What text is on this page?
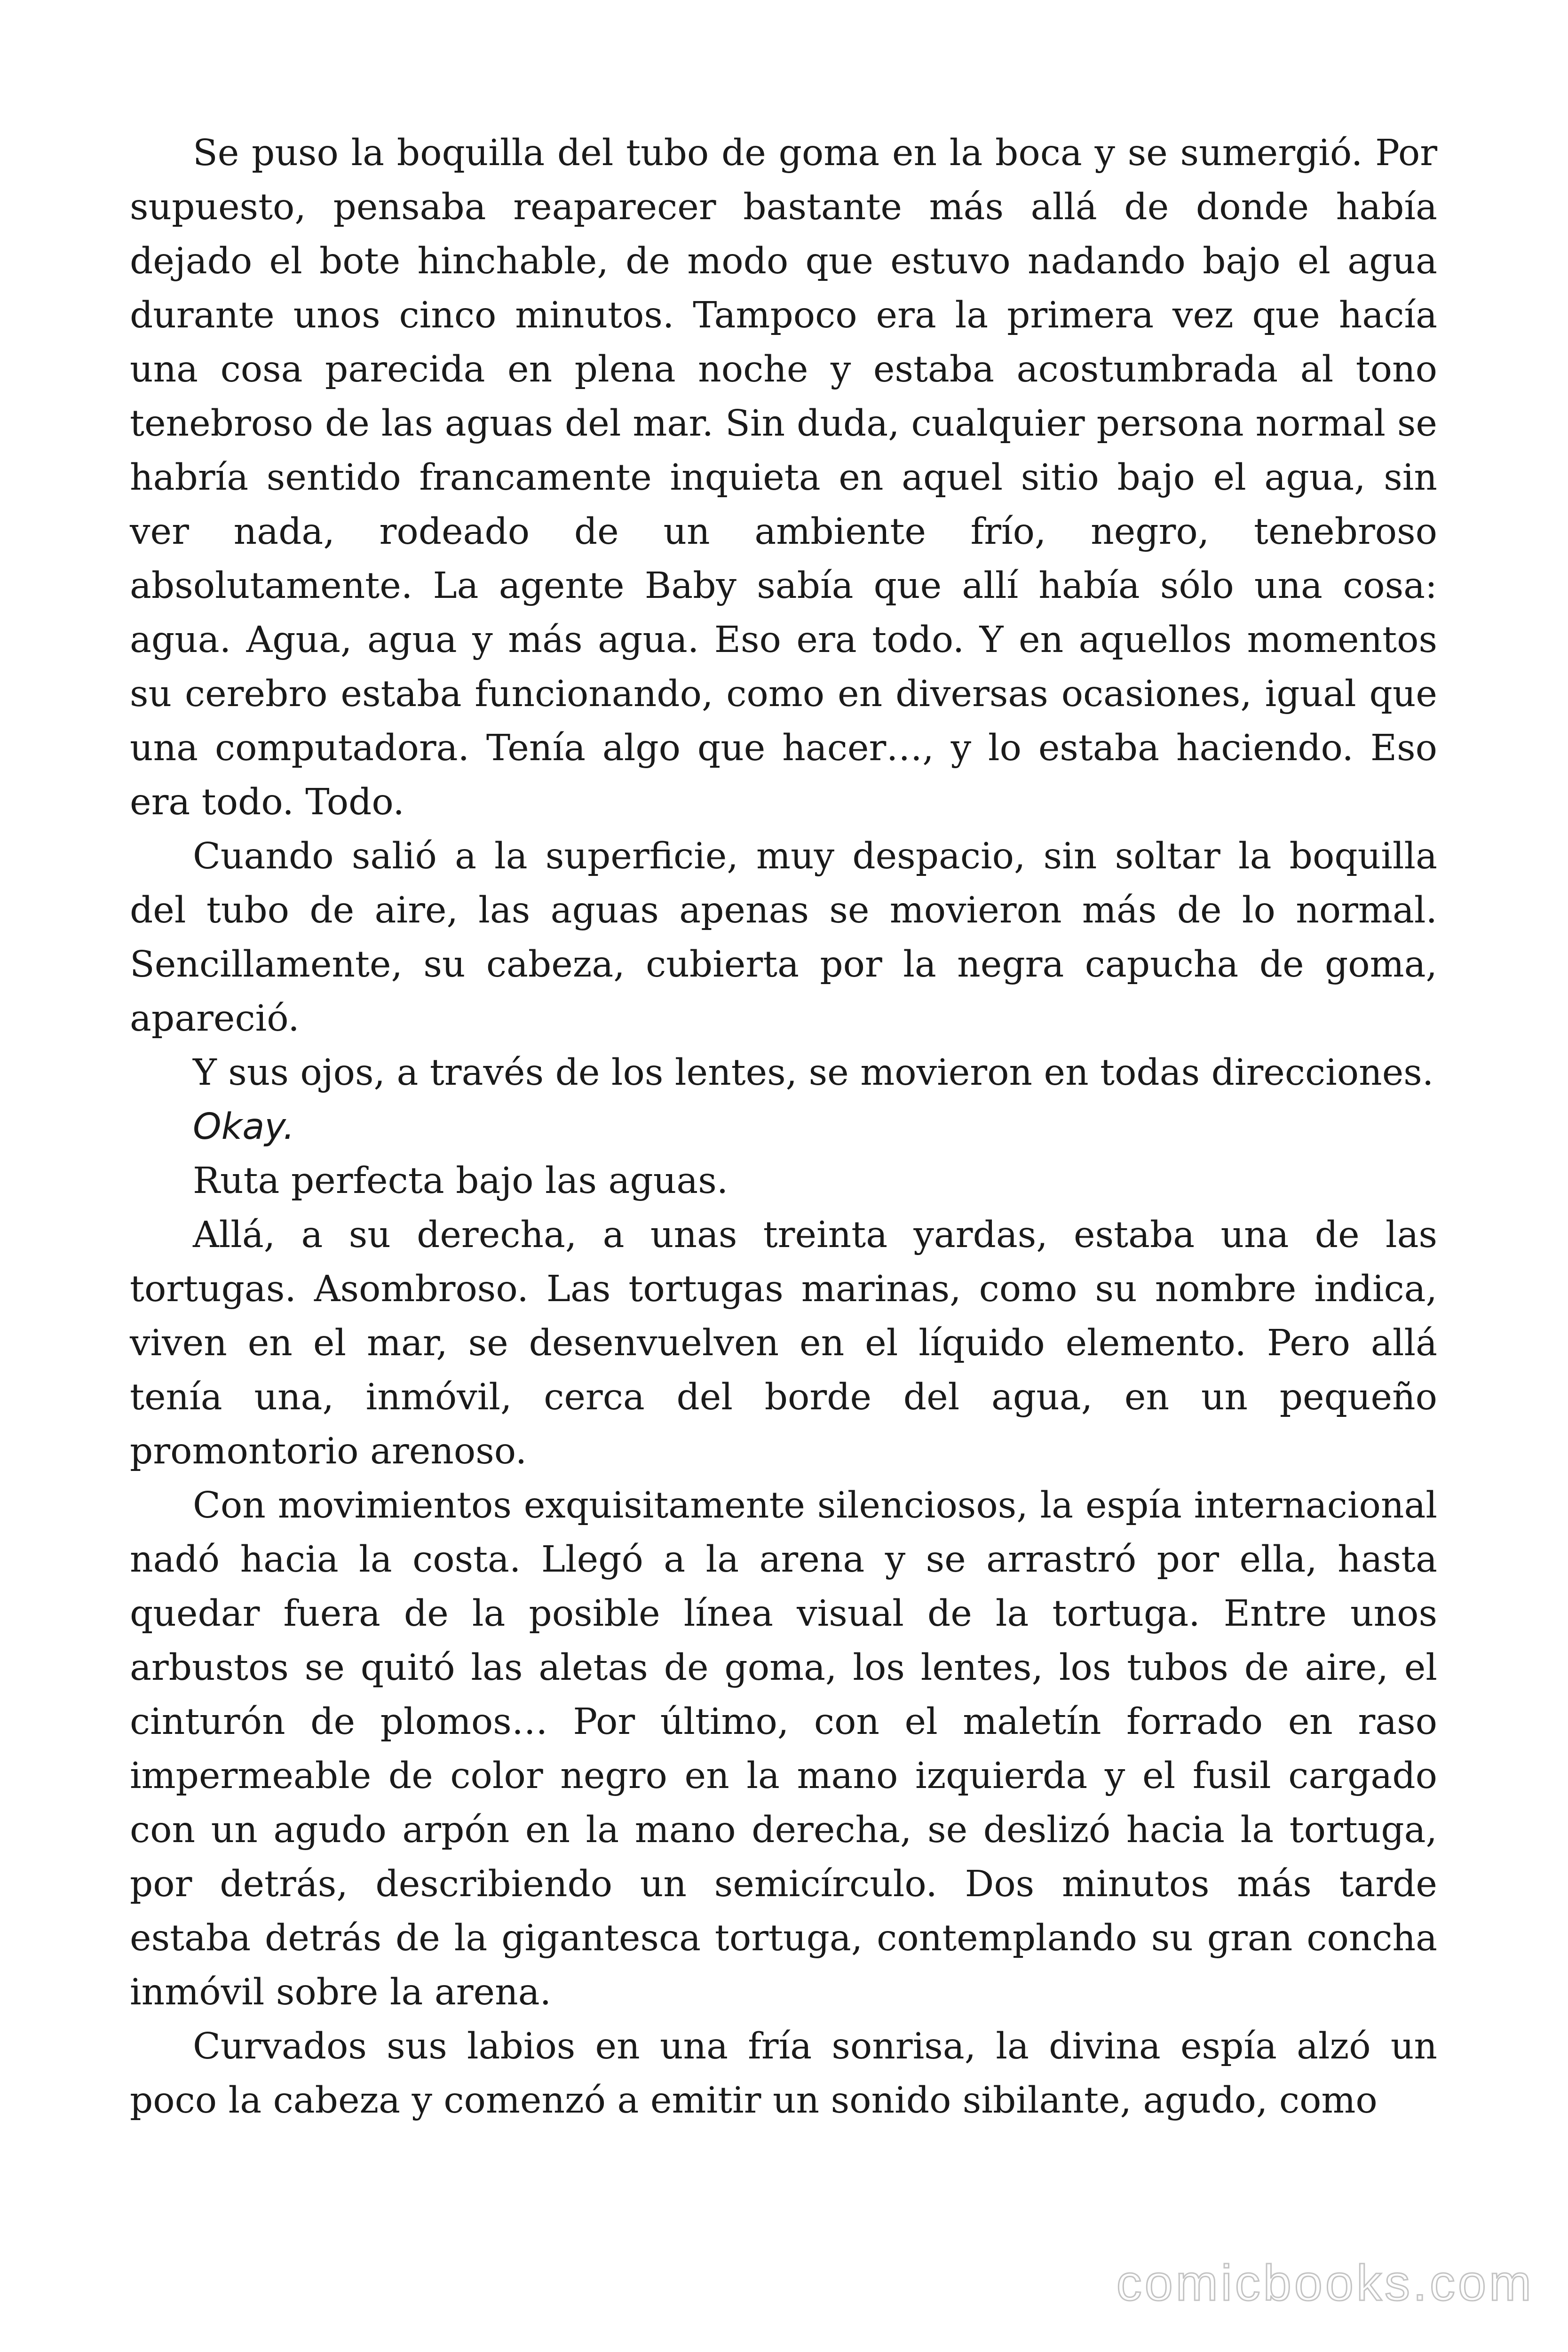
Se puso la boquilla del tubo de goma en la boca y se sumergió. Por supuesto, pensaba reaparecer bastante más allá de donde había dejado el bote hinchable, de modo que estuvo nadando bajo el agua durante unos cinco minutos. Tampoco era la primera vez que hacía una cosa parecida en plena noche y estaba acostumbrada al tono tenebroso de las aguas del mar. Sin duda, cualquier persona normal se habría sentido francamente inquieta en aquel sitio bajo el agua, sin ver nada, rodeado de un ambiente frío, negro, tenebroso absolutamente. La agente Baby sabía que allí había sólo una cosa: agua. Agua, agua y más agua. Eso era todo. Y en aquellos momentos su cerebro estaba funcionando, como en diversas ocasiones, igual que una computadora. Tenía algo que hacer…, y lo estaba haciendo. Eso era todo. Todo.

Cuando salió a la superficie, muy despacio, sin soltar la boquilla del tubo de aire, las aguas apenas se movieron más de lo normal. Sencillamente, su cabeza, cubierta por la negra capucha de goma, apareció.

Y sus ojos, a través de los lentes, se movieron en todas direcciones.

Okay.

Ruta perfecta bajo las aguas.

Allá, a su derecha, a unas treinta yardas, estaba una de las tortugas. Asombroso. Las tortugas marinas, como su nombre indica, viven en el mar, se desenvuelven en el líquido elemento. Pero allá tenía una, inmóvil, cerca del borde del agua, en un pequeño promontorio arenoso.

Con movimientos exquisitamente silenciosos, la espía internacional nadó hacia la costa. Llegó a la arena y se arrastró por ella, hasta quedar fuera de la posible línea visual de la tortuga. Entre unos arbustos se quitó las aletas de goma, los lentes, los tubos de aire, el cinturón de plomos… Por último, con el maletín forrado en raso impermeable de color negro en la mano izquierda y el fusil cargado con un agudo arpón en la mano derecha, se deslizó hacia la tortuga, por detrás, describiendo un semicírculo. Dos minutos más tarde estaba detrás de la gigantesca tortuga, contemplando su gran concha inmóvil sobre la arena.

Curvados sus labios en una fría sonrisa, la divina espía alzó un poco la cabeza y comenzó a emitir un sonido sibilante, agudo, como

comicbooks.com
